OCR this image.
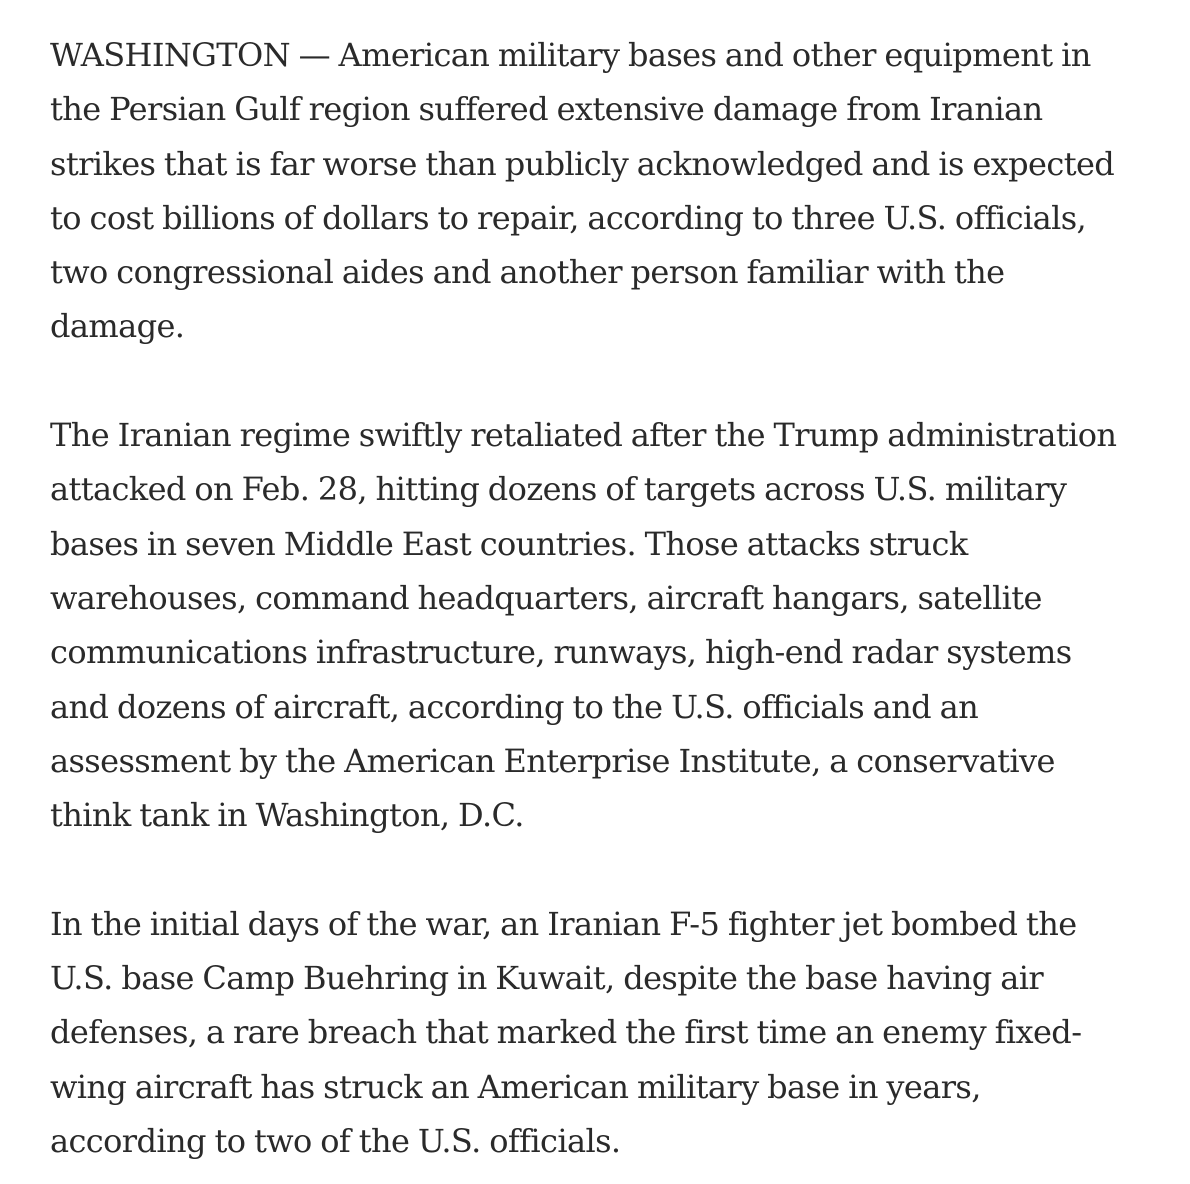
WASHINGTON — American military bases and other equipment in
the Persian Gulf region suffered extensive damage from Iranian
strikes that is far worse than publicly acknowledged and is expected
to cost billions of dollars to repair, according to three U.S. officials,
two congressional aides and another person familiar with the
damage.

The Iranian regime swiftly retaliated after the Trump administration
attacked on Feb. 28, hitting dozens of targets across U.S. military
bases in seven Middle East countries. Those attacks struck
warehouses, command headquarters, aircraft hangars, satellite
communications infrastructure, runways, high-end radar systems
and dozens of aircraft, according to the U.S. officials and an
assessment by the American Enterprise Institute, a conservative
think tank in Washington, D.C.

In the initial days of the war, an Iranian F-5 fighter jet bombed the
U.S. base Camp Buehring in Kuwait, despite the base having air
defenses, a rare breach that marked the first time an enemy fixed-
wing aircraft has struck an American military base in years,
according to two of the U.S. officials.
